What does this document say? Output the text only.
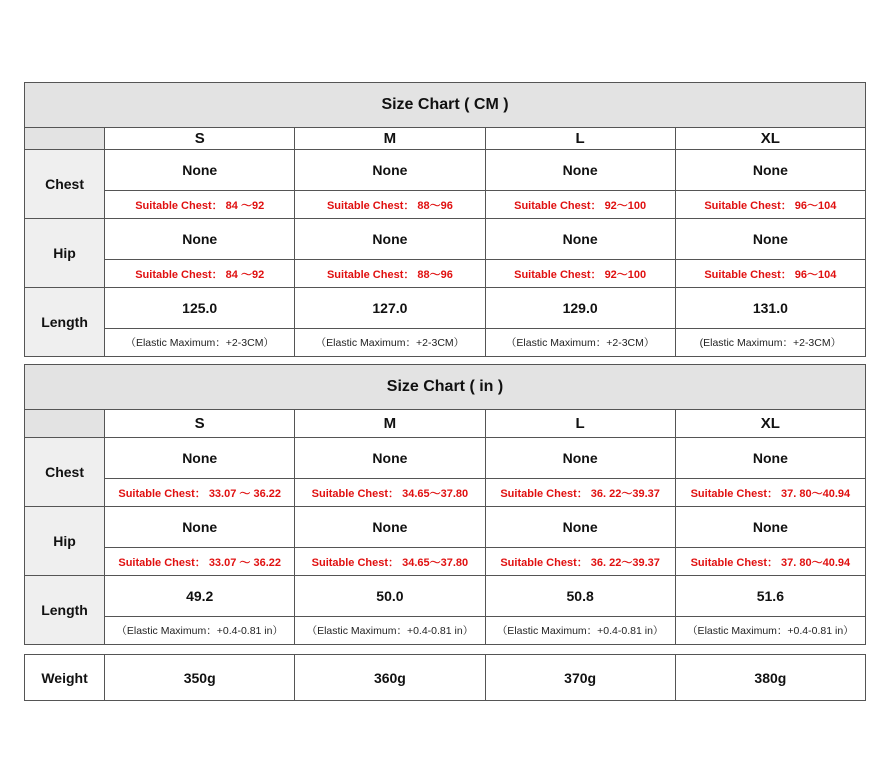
Size Chart ( CM )				
	S	M	L	XL
Chest	None	None	None	None
	Suitable Chest： 84 ～92	Suitable Chest： 88～96	Suitable Chest： 92～100	Suitable Chest： 96～104
Hip	None	None	None	None
	Suitable Chest： 84 ～92	Suitable Chest： 88～96	Suitable Chest： 92～100	Suitable Chest： 96～104
Length	125.0	127.0	129.0	131.0
	（Elastic Maximum：+2-3CM）	（Elastic Maximum：+2-3CM）	（Elastic Maximum：+2-3CM）	(Elastic Maximum：+2-3CM）
Size Chart ( in )				
	S	M	L	XL
Chest	None	None	None	None
	Suitable Chest： 33.07 ～ 36.22	Suitable Chest： 34.65～37.80	Suitable Chest： 36. 22～39.37	Suitable Chest： 37. 80～40.94
Hip	None	None	None	None
	Suitable Chest： 33.07 ～ 36.22	Suitable Chest： 34.65～37.80	Suitable Chest： 36. 22～39.37	Suitable Chest： 37. 80～40.94
Length	49.2	50.0	50.8	51.6
	（Elastic Maximum：+0.4-0.81 in）	（Elastic Maximum：+0.4-0.81 in）	（Elastic Maximum：+0.4-0.81 in）	（Elastic Maximum：+0.4-0.81 in）
Weight	350g	360g	370g	380g
